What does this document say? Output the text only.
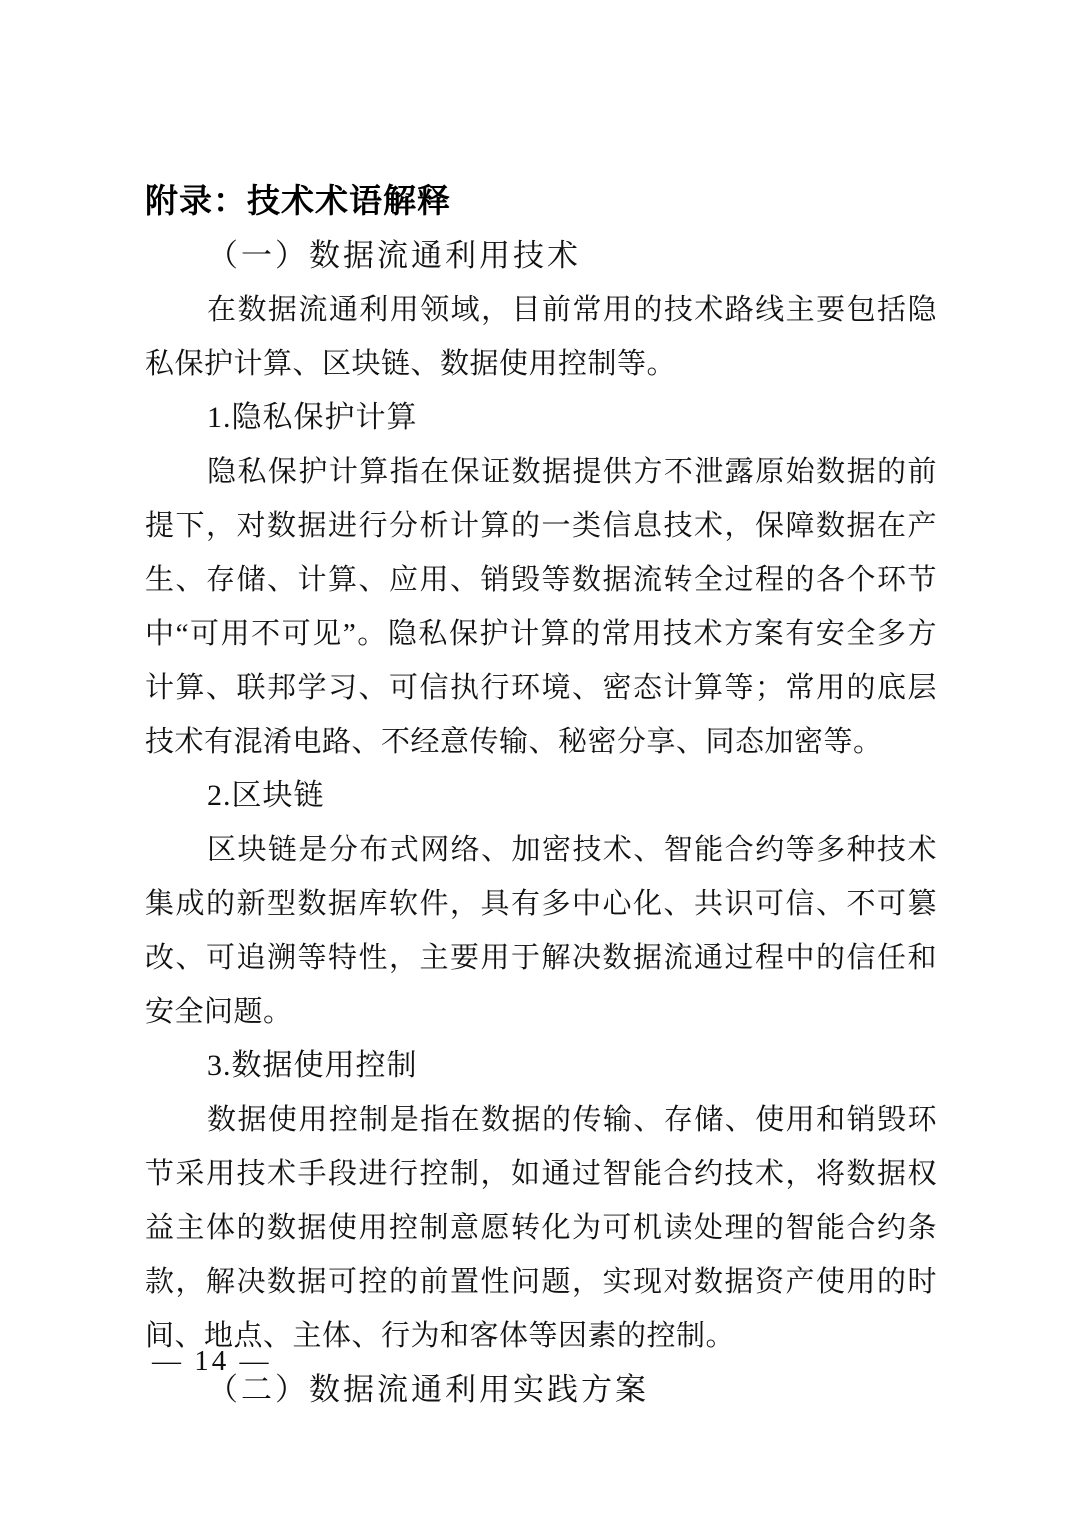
附录：技术术语解释
（一）数据流通利用技术

在数据流通利用领域，目前常用的技术路线主要包括隐私保护计算、区块链、数据使用控制等。

1.隐私保护计算

隐私保护计算指在保证数据提供方不泄露原始数据的前提下，对数据进行分析计算的一类信息技术，保障数据在产生、存储、计算、应用、销毁等数据流转全过程的各个环节中“可用不可见”。隐私保护计算的常用技术方案有安全多方计算、联邦学习、可信执行环境、密态计算等；常用的底层技术有混淆电路、不经意传输、秘密分享、同态加密等。

2.区块链

区块链是分布式网络、加密技术、智能合约等多种技术集成的新型数据库软件，具有多中心化、共识可信、不可篡改、可追溯等特性，主要用于解决数据流通过程中的信任和安全问题。

3.数据使用控制

数据使用控制是指在数据的传输、存储、使用和销毁环节采用技术手段进行控制，如通过智能合约技术，将数据权益主体的数据使用控制意愿转化为可机读处理的智能合约条款，解决数据可控的前置性问题，实现对数据资产使用的时间、地点、主体、行为和客体等因素的控制。

（二）数据流通利用实践方案
— 14 —
